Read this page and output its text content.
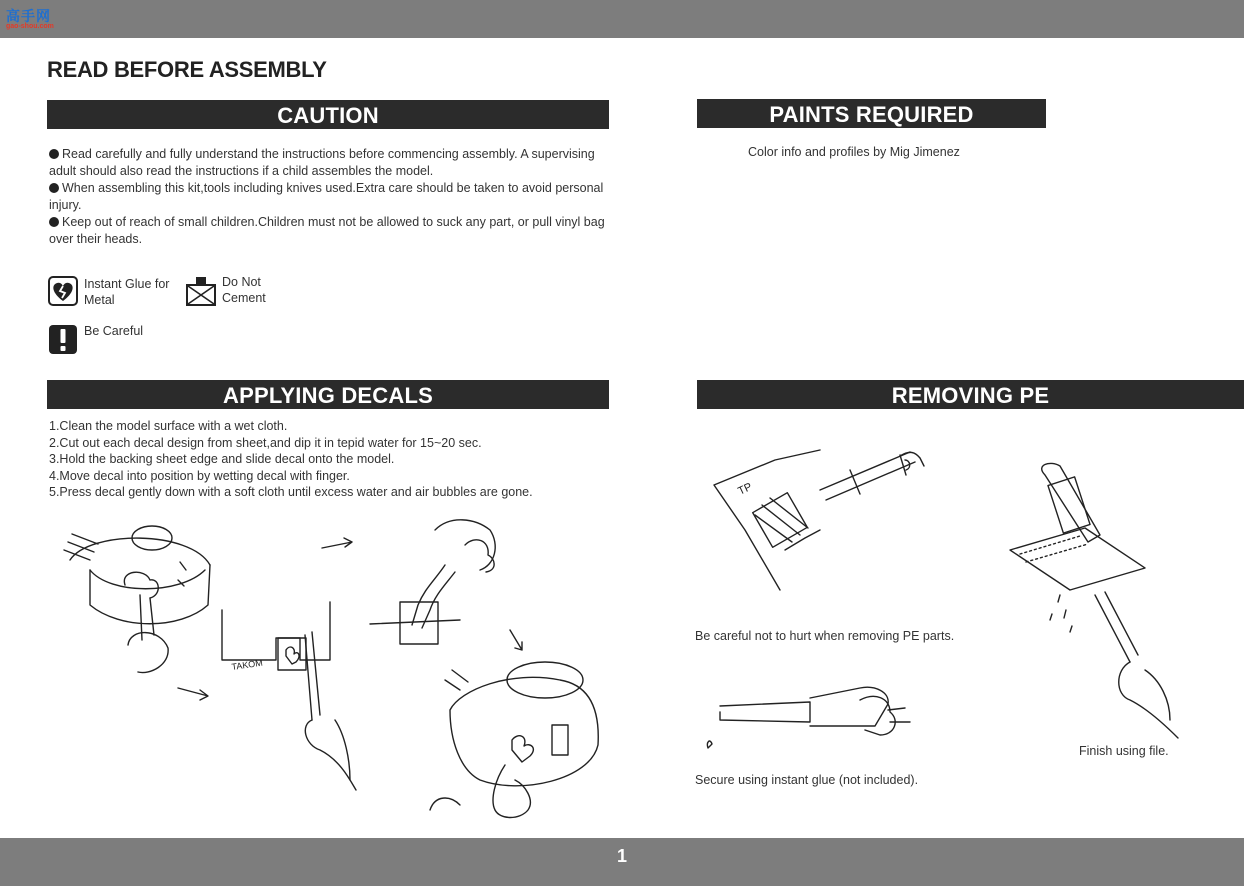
高手网
gao-shou.com
READ BEFORE ASSEMBLY
CAUTION

Read carefully and fully understand the instructions before commencing assembly. A supervising adult should also read the instructions if a child assembles the model.

When assembling this kit,tools including knives used.Extra care should be taken to avoid personal injury.

Keep out of reach of small children.Children must not be allowed to suck any part, or pull vinyl bag over their heads.

Instant Glue for Metal
Do Not Cement
Be Careful
PAINTS REQUIRED
Color info and profiles by Mig Jimenez
APPLYING DECALS
1.Clean the model surface with a wet cloth.
2.Cut out each decal design from sheet,and dip it in tepid water for 15~20 sec.
3.Hold the backing sheet edge and slide decal onto the model.
4.Move decal into position by wetting decal with finger.
5.Press decal gently down with a soft cloth until excess water and air bubbles are gone.
TAKOM
REMOVING PE
TP
Be careful not to hurt when removing PE parts.
Secure using instant glue (not included).
Finish using file.
1
